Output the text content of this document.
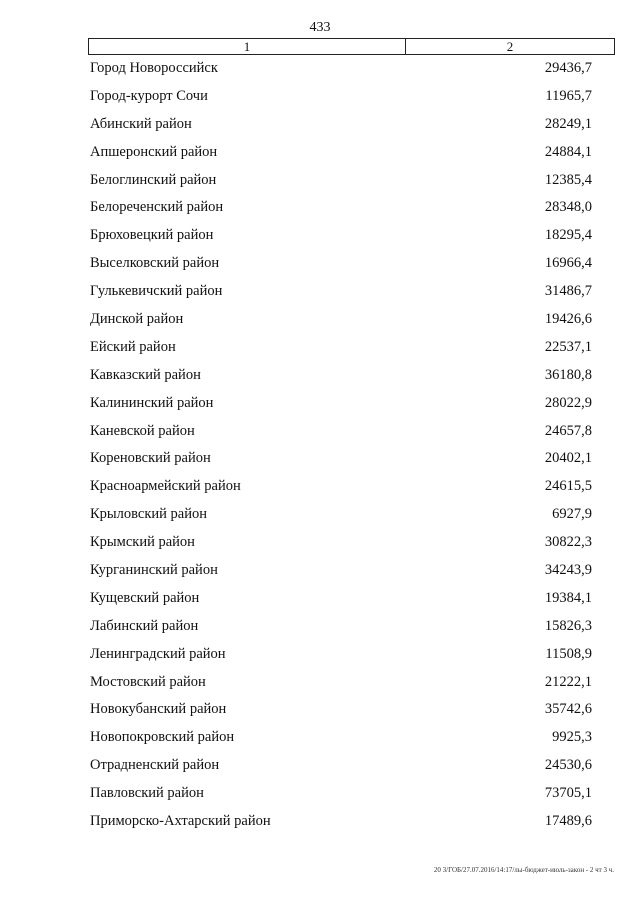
433
1	2
Город Новороссийск	29436,7
Город-курорт Сочи	11965,7
Абинский район	28249,1
Апшеронский район	24884,1
Белоглинский район	12385,4
Белореченский район	28348,0
Брюховецкий район	18295,4
Выселковский район	16966,4
Гулькевичский район	31486,7
Динской район	19426,6
Ейский район	22537,1
Кавказский район	36180,8
Калининский район	28022,9
Каневской район	24657,8
Кореновский район	20402,1
Красноармейский район	24615,5
Крыловский район	6927,9
Крымский район	30822,3
Курганинский район	34243,9
Кущевский район	19384,1
Лабинский район	15826,3
Ленинградский район	11508,9
Мостовский район	21222,1
Новокубанский район	35742,6
Новопокровский район	9925,3
Отрадненский район	24530,6
Павловский район	73705,1
Приморско-Ахтарский район	17489,6
20 3/ГОБ/27.07.2016/14:17/лы-бюджет-июль-закон - 2 чт 3 ч.
